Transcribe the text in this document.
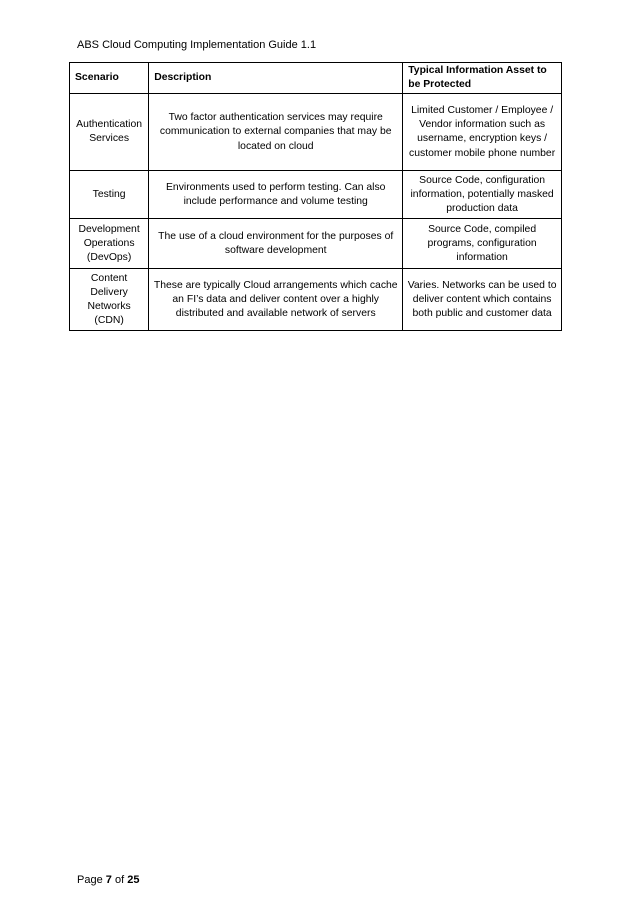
ABS Cloud Computing Implementation Guide 1.1
Scenario	Description	Typical Information Asset to be Protected
Authentication Services	Two factor authentication services may require communication to external companies that may be located on cloud	Limited Customer / Employee / Vendor information such as username, encryption keys / customer mobile phone number
Testing	Environments used to perform testing. Can also include performance and volume testing	Source Code, configuration information, potentially masked production data
Development Operations (DevOps)	The use of a cloud environment for the purposes of software development	Source Code, compiled programs, configuration information
Content Delivery Networks (CDN)	These are typically Cloud arrangements which cache an FI’s data and deliver content over a highly distributed and available network of servers	Varies. Networks can be used to deliver content which contains both public and customer data
Page 7 of 25
